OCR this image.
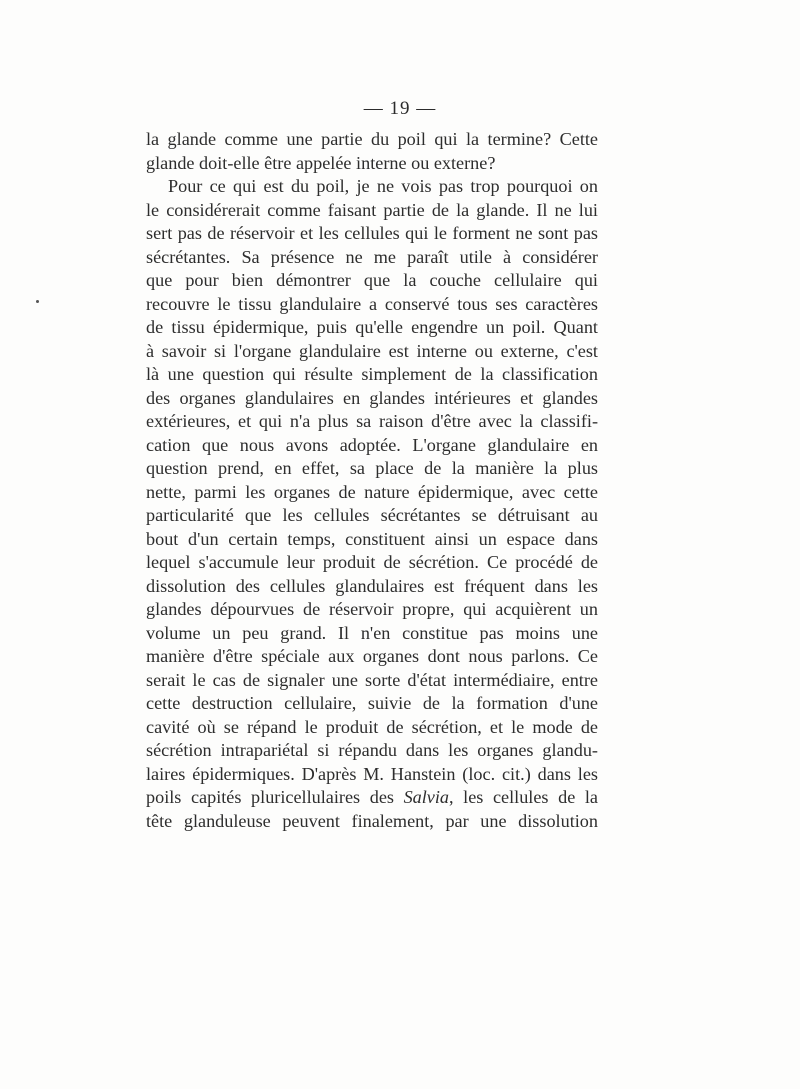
— 19 —
la glande comme une partie du poil qui la termine? Cette
glande doit-elle être appelée interne ou externe?
Pour ce qui est du poil, je ne vois pas trop pourquoi on
le considérerait comme faisant partie de la glande. Il ne lui
sert pas de réservoir et les cellules qui le forment ne sont pas
sécrétantes. Sa présence ne me paraît utile à considérer
que pour bien démontrer que la couche cellulaire qui
recouvre le tissu glandulaire a conservé tous ses caractères
de tissu épidermique, puis qu'elle engendre un poil. Quant
à savoir si l'organe glandulaire est interne ou externe, c'est
là une question qui résulte simplement de la classification
des organes glandulaires en glandes intérieures et glandes
extérieures, et qui n'a plus sa raison d'être avec la classifi-
cation que nous avons adoptée. L'organe glandulaire en
question prend, en effet, sa place de la manière la plus
nette, parmi les organes de nature épidermique, avec cette
particularité que les cellules sécrétantes se détruisant au
bout d'un certain temps, constituent ainsi un espace dans
lequel s'accumule leur produit de sécrétion. Ce procédé de
dissolution des cellules glandulaires est fréquent dans les
glandes dépourvues de réservoir propre, qui acquièrent un
volume un peu grand. Il n'en constitue pas moins une
manière d'être spéciale aux organes dont nous parlons. Ce
serait le cas de signaler une sorte d'état intermédiaire, entre
cette destruction cellulaire, suivie de la formation d'une
cavité où se répand le produit de sécrétion, et le mode de
sécrétion intrapariétal si répandu dans les organes glandu-
laires épidermiques. D'après M. Hanstein (loc. cit.) dans les
poils capités pluricellulaires des Salvia, les cellules de la
tête glanduleuse peuvent finalement, par une dissolution
